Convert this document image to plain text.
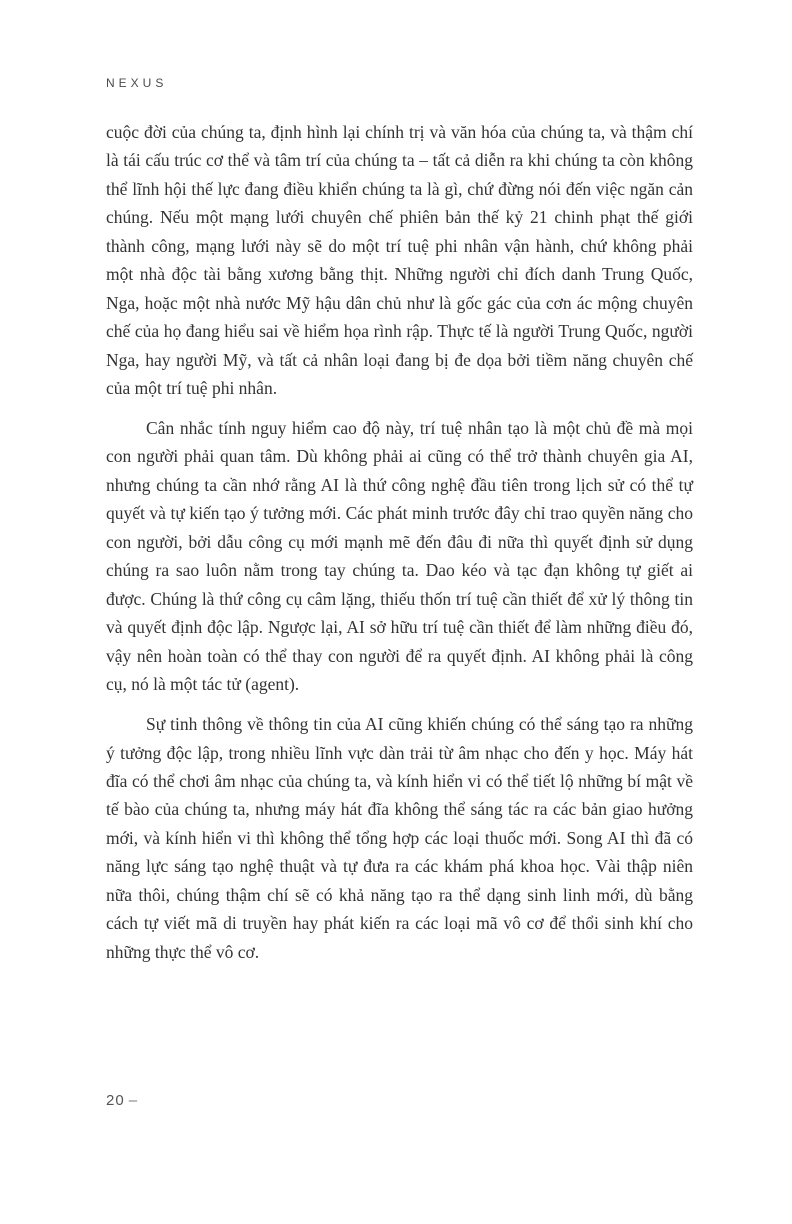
NEXUS

cuộc đời của chúng ta, định hình lại chính trị và văn hóa của chúng ta, và thậm chí là tái cấu trúc cơ thể và tâm trí của chúng ta – tất cả diễn ra khi chúng ta còn không thể lĩnh hội thế lực đang điều khiển chúng ta là gì, chứ đừng nói đến việc ngăn cản chúng. Nếu một mạng lưới chuyên chế phiên bản thế kỷ 21 chinh phạt thế giới thành công, mạng lưới này sẽ do một trí tuệ phi nhân vận hành, chứ không phải một nhà độc tài bằng xương bằng thịt. Những người chỉ đích danh Trung Quốc, Nga, hoặc một nhà nước Mỹ hậu dân chủ như là gốc gác của cơn ác mộng chuyên chế của họ đang hiểu sai về hiểm họa rình rập. Thực tế là người Trung Quốc, người Nga, hay người Mỹ, và tất cả nhân loại đang bị đe dọa bởi tiềm năng chuyên chế của một trí tuệ phi nhân.

Cân nhắc tính nguy hiểm cao độ này, trí tuệ nhân tạo là một chủ đề mà mọi con người phải quan tâm. Dù không phải ai cũng có thể trở thành chuyên gia AI, nhưng chúng ta cần nhớ rằng AI là thứ công nghệ đầu tiên trong lịch sử có thể tự quyết và tự kiến tạo ý tưởng mới. Các phát minh trước đây chỉ trao quyền năng cho con người, bởi dẫu công cụ mới mạnh mẽ đến đâu đi nữa thì quyết định sử dụng chúng ra sao luôn nằm trong tay chúng ta. Dao kéo và tạc đạn không tự giết ai được. Chúng là thứ công cụ câm lặng, thiếu thốn trí tuệ cần thiết để xử lý thông tin và quyết định độc lập. Ngược lại, AI sở hữu trí tuệ cần thiết để làm những điều đó, vậy nên hoàn toàn có thể thay con người để ra quyết định. AI không phải là công cụ, nó là một tác tử (agent).

Sự tinh thông về thông tin của AI cũng khiến chúng có thể sáng tạo ra những ý tưởng độc lập, trong nhiều lĩnh vực dàn trải từ âm nhạc cho đến y học. Máy hát đĩa có thể chơi âm nhạc của chúng ta, và kính hiển vi có thể tiết lộ những bí mật về tế bào của chúng ta, nhưng máy hát đĩa không thể sáng tác ra các bản giao hưởng mới, và kính hiển vi thì không thể tổng hợp các loại thuốc mới. Song AI thì đã có năng lực sáng tạo nghệ thuật và tự đưa ra các khám phá khoa học. Vài thập niên nữa thôi, chúng thậm chí sẽ có khả năng tạo ra thể dạng sinh linh mới, dù bằng cách tự viết mã di truyền hay phát kiến ra các loại mã vô cơ để thổi sinh khí cho những thực thể vô cơ.

20 –
